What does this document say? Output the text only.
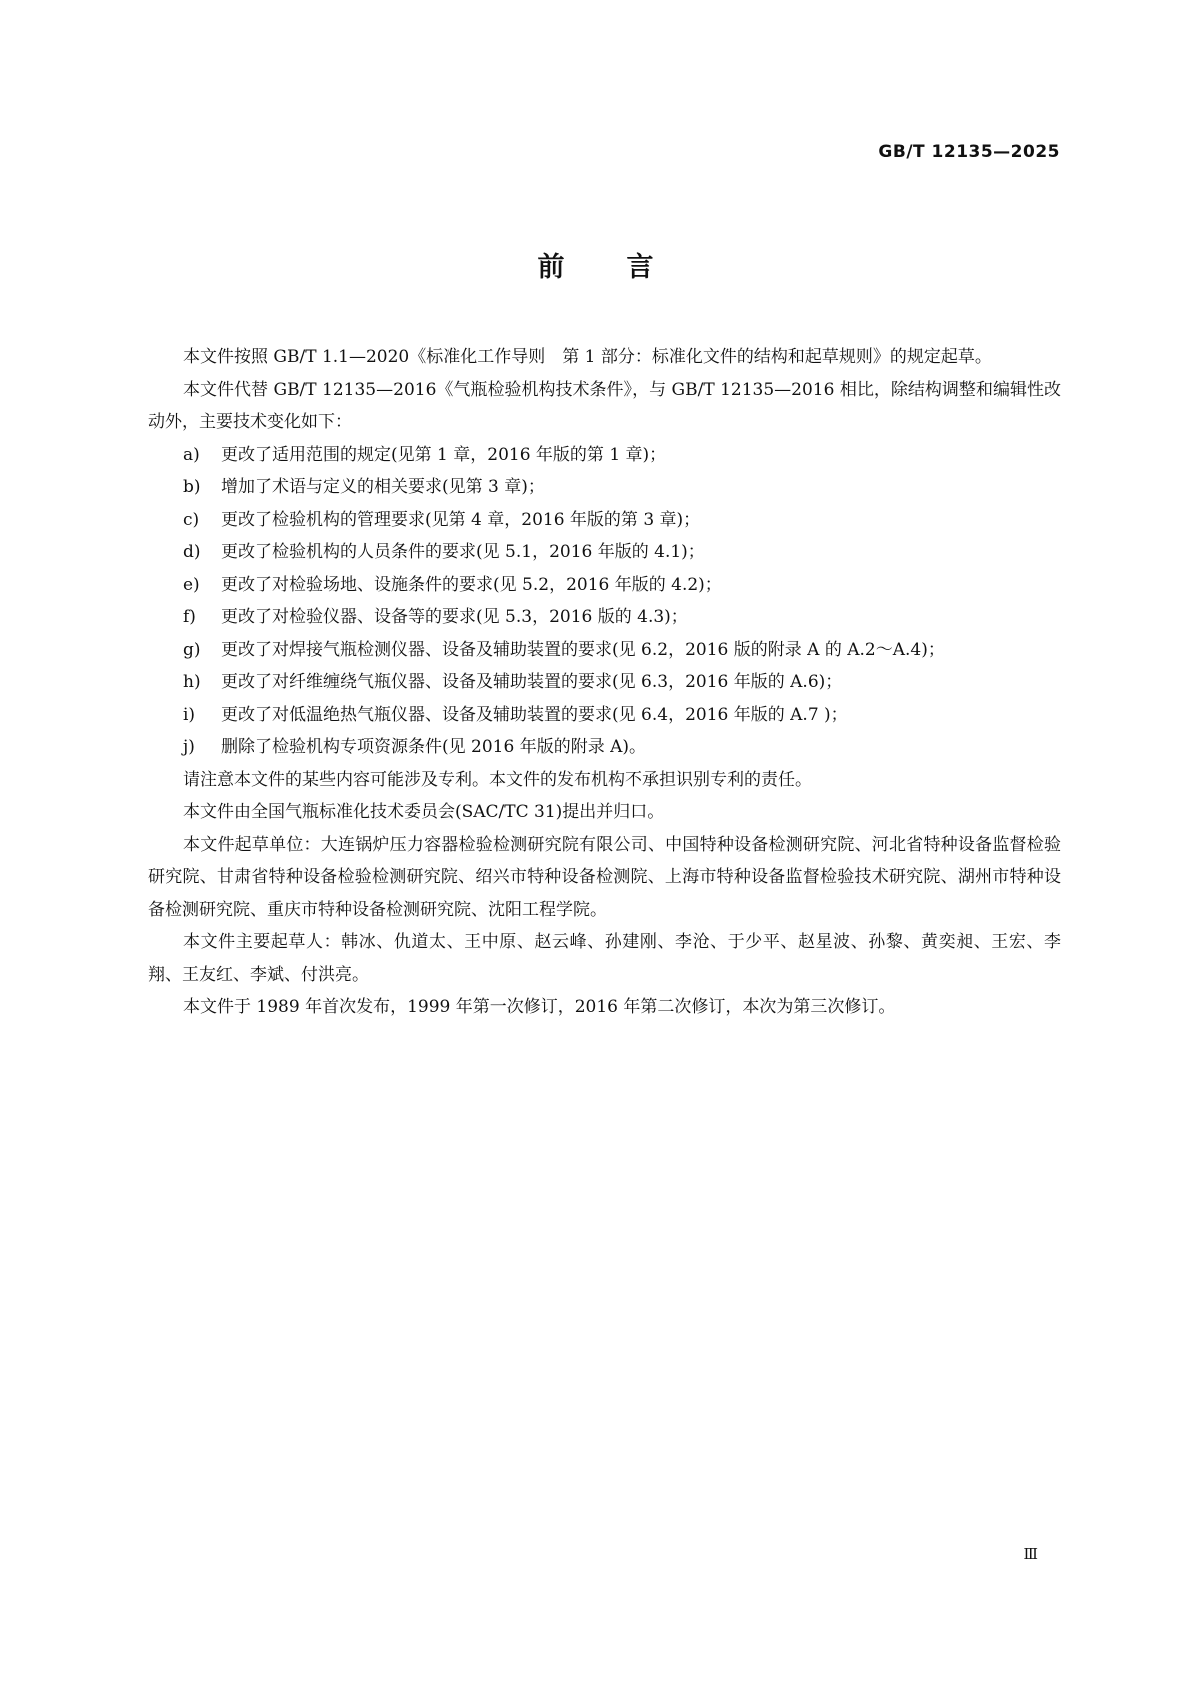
GB/T 12135—2025
前 言

本文件按照 GB/T 1.1—2020《标准化工作导则　第 1 部分：标准化文件的结构和起草规则》的规定起草。

本文件代替 GB/T 12135—2016《气瓶检验机构技术条件》，与 GB/T 12135—2016 相比，除结构调整和编辑性改动外，主要技术变化如下：

a) 更改了适用范围的规定(见第 1 章，2016 年版的第 1 章)；
b) 增加了术语与定义的相关要求(见第 3 章)；
c) 更改了检验机构的管理要求(见第 4 章，2016 年版的第 3 章)；
d) 更改了检验机构的人员条件的要求(见 5.1，2016 年版的 4.1)；
e) 更改了对检验场地、设施条件的要求(见 5.2，2016 年版的 4.2)；
f) 更改了对检验仪器、设备等的要求(见 5.3，2016 版的 4.3)；
g) 更改了对焊接气瓶检测仪器、设备及辅助装置的要求(见 6.2，2016 版的附录 A 的 A.2～A.4)；
h) 更改了对纤维缠绕气瓶仪器、设备及辅助装置的要求(见 6.3，2016 年版的 A.6)；
i) 更改了对低温绝热气瓶仪器、设备及辅助装置的要求(见 6.4，2016 年版的 A.7 )；
j) 删除了检验机构专项资源条件(见 2016 年版的附录 A)。

请注意本文件的某些内容可能涉及专利。本文件的发布机构不承担识别专利的责任。

本文件由全国气瓶标准化技术委员会(SAC/TC 31)提出并归口。

本文件起草单位：大连锅炉压力容器检验检测研究院有限公司、中国特种设备检测研究院、河北省特种设备监督检验研究院、甘肃省特种设备检验检测研究院、绍兴市特种设备检测院、上海市特种设备监督检验技术研究院、湖州市特种设备检测研究院、重庆市特种设备检测研究院、沈阳工程学院。

本文件主要起草人：韩冰、仇道太、王中原、赵云峰、孙建刚、李沧、于少平、赵星波、孙黎、黄奕昶、王宏、李翔、王友红、李斌、付洪亮。

本文件于 1989 年首次发布，1999 年第一次修订，2016 年第二次修订，本次为第三次修订。

Ⅲ
